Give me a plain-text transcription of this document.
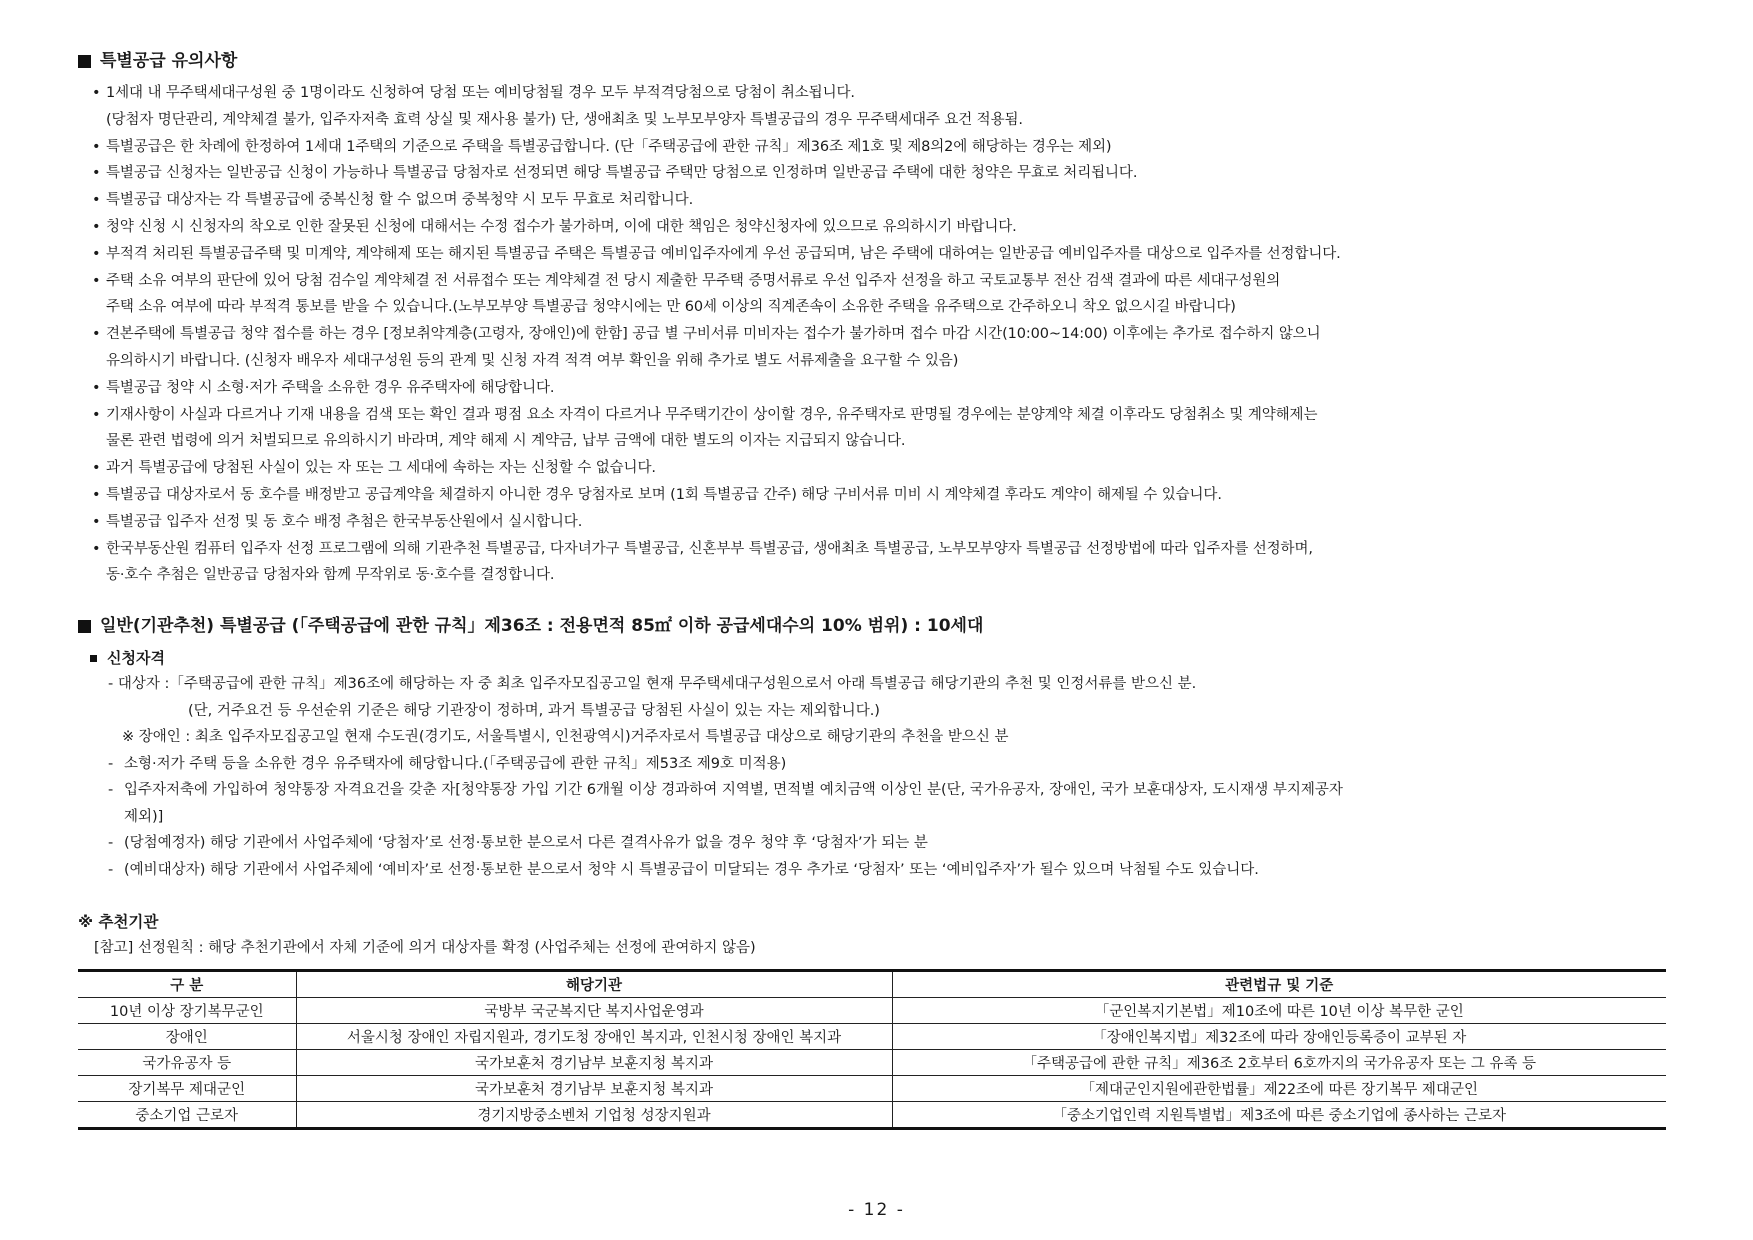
특별공급 유의사항
• 1세대 내 무주택세대구성원 중 1명이라도 신청하여 당첨 또는 예비당첨될 경우 모두 부적격당첨으로 당첨이 취소됩니다.
(당첨자 명단관리, 계약체결 불가, 입주자저축 효력 상실 및 재사용 불가) 단, 생애최초 및 노부모부양자 특별공급의 경우 무주택세대주 요건 적용됨.
• 특별공급은 한 차례에 한정하여 1세대 1주택의 기준으로 주택을 특별공급합니다. (단「주택공급에 관한 규칙」제36조 제1호 및 제8의2에 해당하는 경우는 제외)
• 특별공급 신청자는 일반공급 신청이 가능하나 특별공급 당첨자로 선정되면 해당 특별공급 주택만 당첨으로 인정하며 일반공급 주택에 대한 청약은 무효로 처리됩니다.
• 특별공급 대상자는 각 특별공급에 중복신청 할 수 없으며 중복청약 시 모두 무효로 처리합니다.
• 청약 신청 시 신청자의 착오로 인한 잘못된 신청에 대해서는 수정 접수가 불가하며, 이에 대한 책임은 청약신청자에 있으므로 유의하시기 바랍니다.
• 부적격 처리된 특별공급주택 및 미계약, 계약해제 또는 해지된 특별공급 주택은 특별공급 예비입주자에게 우선 공급되며, 남은 주택에 대하여는 일반공급 예비입주자를 대상으로 입주자를 선정합니다.
• 주택 소유 여부의 판단에 있어 당첨 검수일 계약체결 전 서류접수 또는 계약체결 전 당시 제출한 무주택 증명서류로 우선 입주자 선정을 하고 국토교통부 전산 검색 결과에 따른 세대구성원의
주택 소유 여부에 따라 부적격 통보를 받을 수 있습니다.(노부모부양 특별공급 청약시에는 만 60세 이상의 직계존속이 소유한 주택을 유주택으로 간주하오니 착오 없으시길 바랍니다)
• 견본주택에 특별공급 청약 접수를 하는 경우 [정보취약계층(고령자, 장애인)에 한함] 공급 별 구비서류 미비자는 접수가 불가하며 접수 마감 시간(10:00~14:00) 이후에는 추가로 접수하지 않으니
유의하시기 바랍니다. (신청자 배우자 세대구성원 등의 관계 및 신청 자격 적격 여부 확인을 위해 추가로 별도 서류제출을 요구할 수 있음)
• 특별공급 청약 시 소형·저가 주택을 소유한 경우 유주택자에 해당합니다.
• 기재사항이 사실과 다르거나 기재 내용을 검색 또는 확인 결과 평점 요소 자격이 다르거나 무주택기간이 상이할 경우, 유주택자로 판명될 경우에는 분양계약 체결 이후라도 당첨취소 및 계약해제는
물론 관련 법령에 의거 처벌되므로 유의하시기 바라며, 계약 해제 시 계약금, 납부 금액에 대한 별도의 이자는 지급되지 않습니다.
• 과거 특별공급에 당첨된 사실이 있는 자 또는 그 세대에 속하는 자는 신청할 수 없습니다.
• 특별공급 대상자로서 동 호수를 배정받고 공급계약을 체결하지 아니한 경우 당첨자로 보며 (1회 특별공급 간주) 해당 구비서류 미비 시 계약체결 후라도 계약이 해제될 수 있습니다.
• 특별공급 입주자 선정 및 동 호수 배정 추첨은 한국부동산원에서 실시합니다.
• 한국부동산원 컴퓨터 입주자 선정 프로그램에 의해 기관추천 특별공급, 다자녀가구 특별공급, 신혼부부 특별공급, 생애최초 특별공급, 노부모부양자 특별공급 선정방법에 따라 입주자를 선정하며,
동·호수 추첨은 일반공급 당첨자와 함께 무작위로 동·호수를 결정합니다.
일반(기관추천) 특별공급 (「주택공급에 관한 규칙」제36조 : 전용면적 85㎡ 이하 공급세대수의 10% 범위) : 10세대
신청자격
- 대상자 :「주택공급에 관한 규칙」제36조에 해당하는 자 중 최초 입주자모집공고일 현재 무주택세대구성원으로서 아래 특별공급 해당기관의 추천 및 인정서류를 받으신 분.
(단, 거주요건 등 우선순위 기준은 해당 기관장이 정하며, 과거 특별공급 당첨된 사실이 있는 자는 제외합니다.)
※ 장애인 : 최초 입주자모집공고일 현재 수도권(경기도, 서울특별시, 인천광역시)거주자로서 특별공급 대상으로 해당기관의 추천을 받으신 분
- 소형·저가 주택 등을 소유한 경우 유주택자에 해당합니다.(「주택공급에 관한 규칙」제53조 제9호 미적용)
- 입주자저축에 가입하여 청약통장 자격요건을 갖춘 자[청약통장 가입 기간 6개월 이상 경과하여 지역별, 면적별 예치금액 이상인 분(단, 국가유공자, 장애인, 국가 보훈대상자, 도시재생 부지제공자
제외)]
- (당첨예정자) 해당 기관에서 사업주체에 ‘당첨자’로 선정·통보한 분으로서 다른 결격사유가 없을 경우 청약 후 ‘당첨자’가 되는 분
- (예비대상자) 해당 기관에서 사업주체에 ‘예비자’로 선정·통보한 분으로서 청약 시 특별공급이 미달되는 경우 추가로 ‘당첨자’ 또는 ‘예비입주자’가 될수 있으며 낙첨될 수도 있습니다.
※ 추천기관
[참고] 선정원칙 : 해당 추천기관에서 자체 기준에 의거 대상자를 확정 (사업주체는 선정에 관여하지 않음)
구 분	해당기관	관련법규 및 기준
10년 이상 장기복무군인	국방부 국군복지단 복지사업운영과	「군인복지기본법」제10조에 따른 10년 이상 복무한 군인
장애인	서울시청 장애인 자립지원과, 경기도청 장애인 복지과, 인천시청 장애인 복지과	「장애인복지법」제32조에 따라 장애인등록증이 교부된 자
국가유공자 등	국가보훈처 경기남부 보훈지청 복지과	「주택공급에 관한 규칙」제36조 2호부터 6호까지의 국가유공자 또는 그 유족 등
장기복무 제대군인	국가보훈처 경기남부 보훈지청 복지과	「제대군인지원에관한법률」제22조에 따른 장기복무 제대군인
중소기업 근로자	경기지방중소벤처 기업청 성장지원과	「중소기업인력 지원특별법」제3조에 따른 중소기업에 종사하는 근로자
- 12 -
